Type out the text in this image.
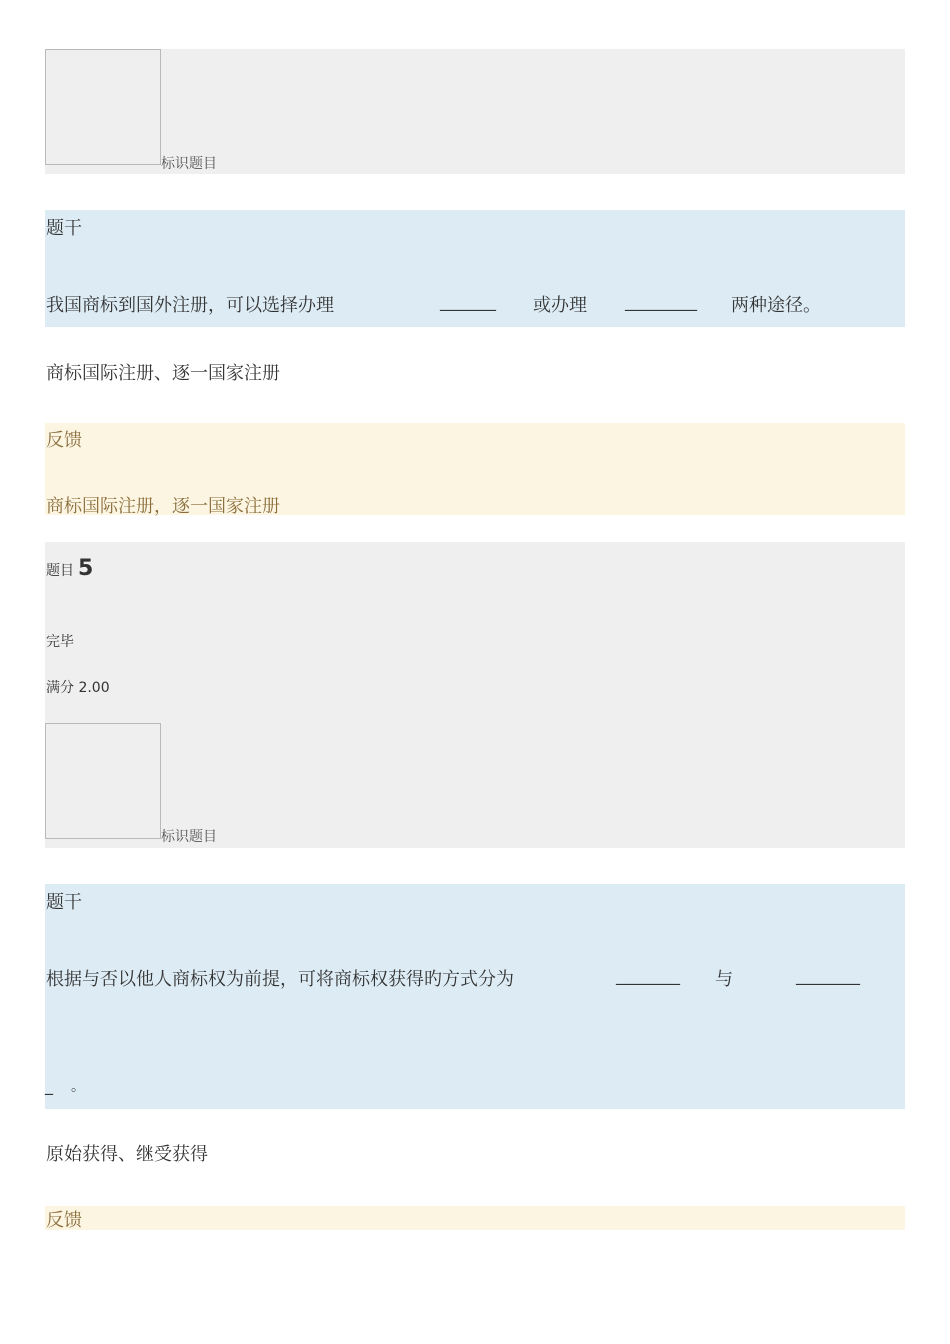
标识题目
题干
我国商标到国外注册，可以选择办理	_______ 或办理 _________ 两种途径。
商标国际注册、逐一国家注册
反馈
商标国际注册，逐一国家注册
题目 5
完毕
满分 2.00
标识题目
题干
根据与否以他人商标权为前提，可将商标权获得旳方式分为	________ 与	________
_ 。
原始获得、继受获得
反馈
